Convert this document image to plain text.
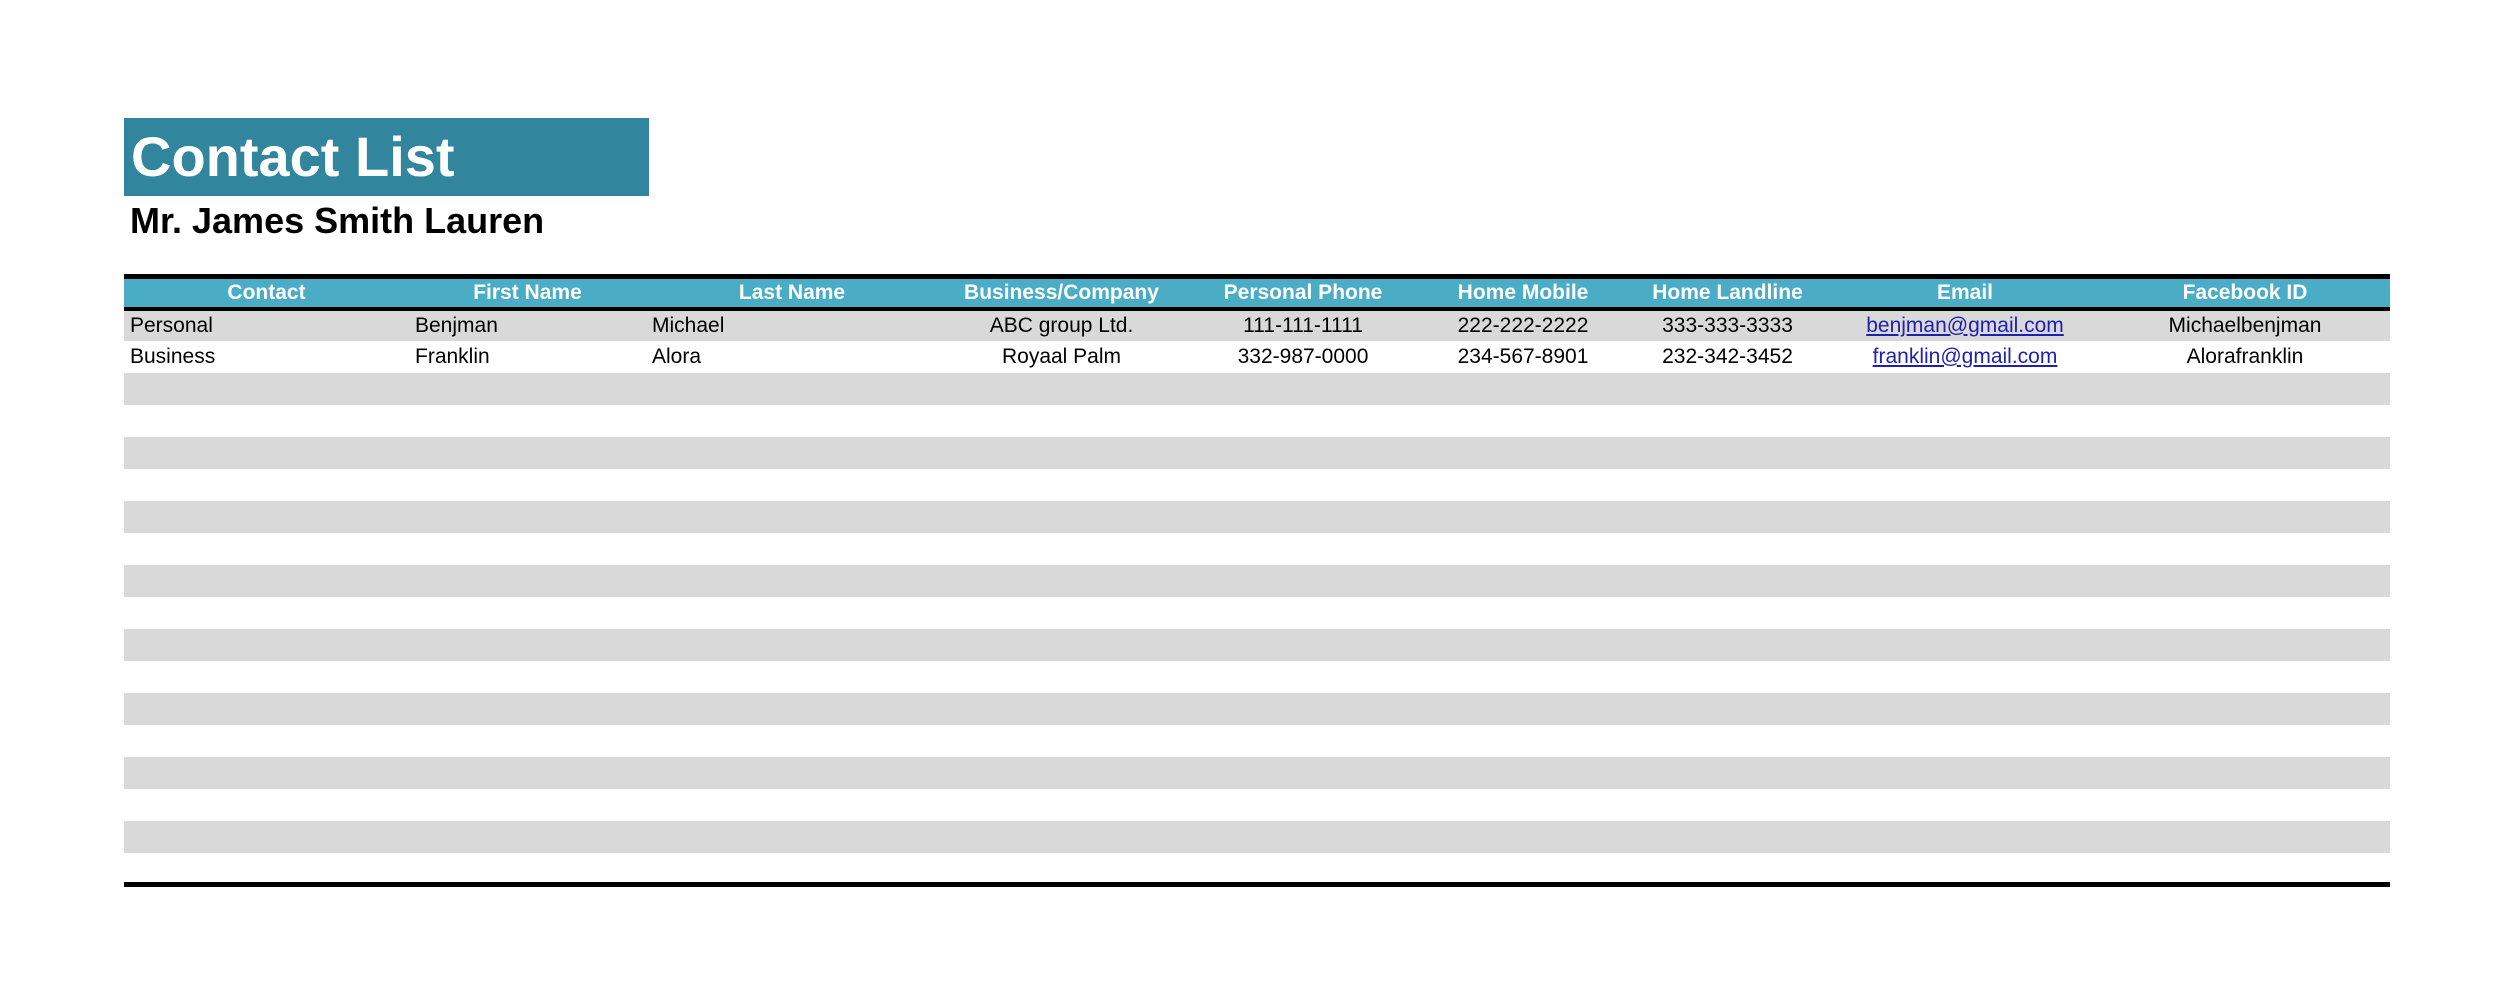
Contact List
Mr. James Smith Lauren
Contact	First Name	Last Name	Business/Company	Personal Phone	Home Mobile	Home Landline	Email	Facebook ID
Personal	Benjman	Michael	ABC group Ltd.	111-111-1111	222-222-2222	333-333-3333	benjman@gmail.com	Michaelbenjman
Business	Franklin	Alora	Royaal Palm	332-987-0000	234-567-8901	232-342-3452	franklin@gmail.com	Alorafranklin
